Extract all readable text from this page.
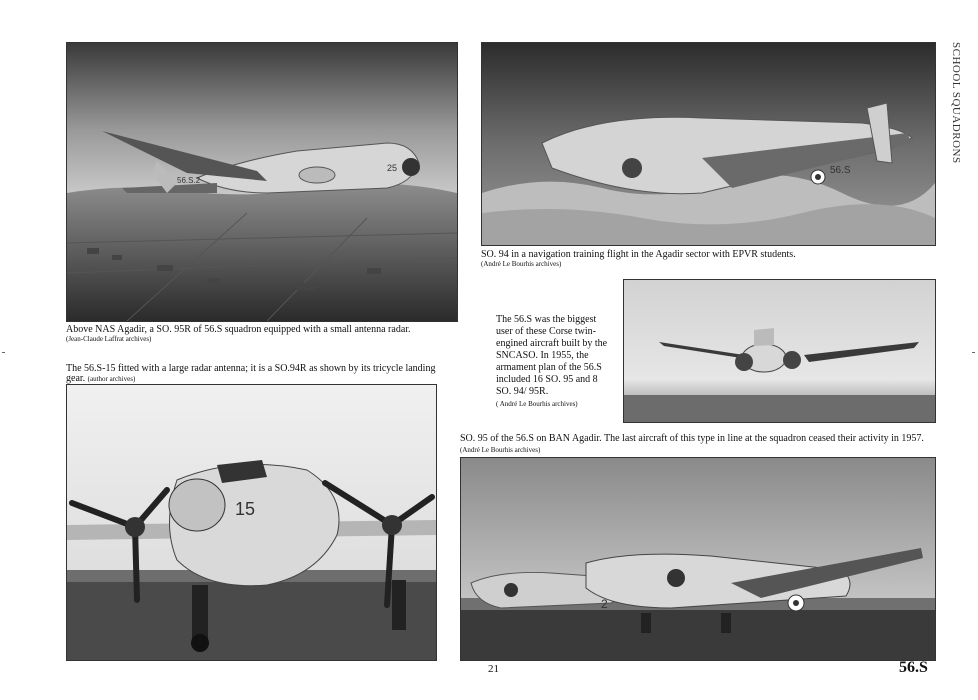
SCHOOL SQUADRONS
25
56.S.2
56.S
SO. 94 in a navigation training flight in the Agadir sector with EPVR students.
(André Le Bourhis archives)
Above NAS Agadir, a SO. 95R of 56.S squadron equipped with a small antenna radar.
(Jean-Claude Laffrat archives)
The 56.S-15 fitted with a large radar antenna; it is a SO.94R as shown by its tricycle landing gear. (author archives)
The 56.S was the biggest user of these Corse twin-engined aircraft built by the SNCASO. In 1955, the armament plan of the 56.S included 16 SO. 95 and 8 SO. 94/ 95R.
( André Le Bourhis archives)
SO. 95 of the 56.S on BAN Agadir. The last aircraft of this type in line at the squadron ceased their activity in 1957.
(André Le Bourhis archives)
15
2
21	56.S
